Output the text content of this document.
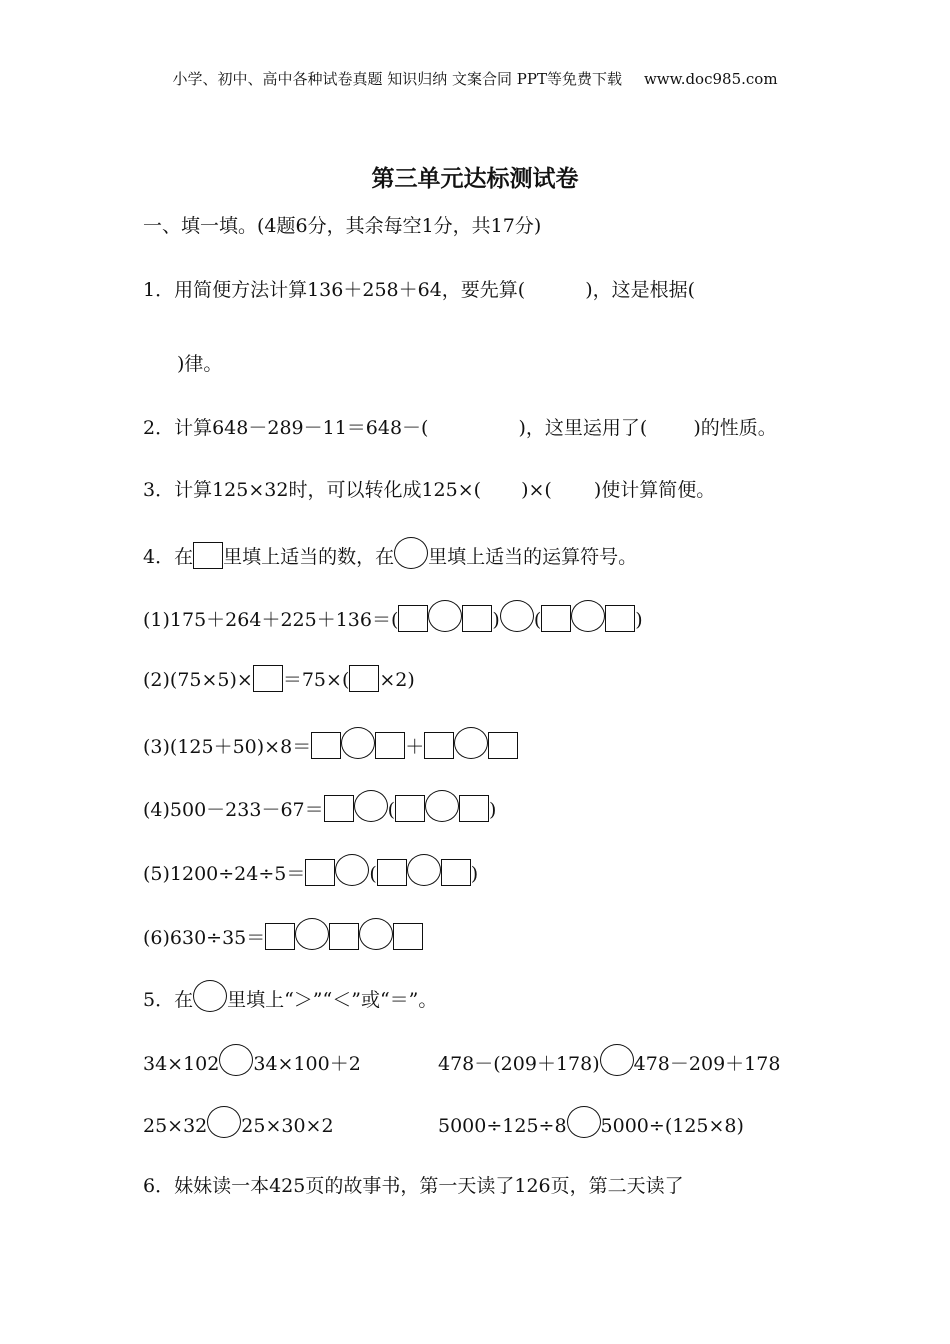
小学、初中、高中各种试卷真题 知识归纳 文案合同 PPT等免费下载 www.doc985.com
第三单元达标测试卷
一、填一填。(4题6分，其余每空1分，共17分)
1．用简便方法计算136＋258＋64，要先算(	)，这是根据(
)律。
2．计算648－289－11＝648－(	)，这里运用了( )的性质。
3．计算125×32时，可以转化成125×( )×( )使计算简便。
4．在 里填上适当的数，在 里填上适当的运算符号。
(1)175＋264＋225＋136＝(	) (	)
(2)(75×5)× ＝75×( ×2)
(3)(125＋50)×8＝	＋
(4)500－233－67＝	(	)
(5)1200÷24÷5＝	(	)
(6)630÷35＝
5．在 里填上“＞”“＜”或“＝”。
34×102 34×100＋2	478－(209＋178) 478－209＋178
25×32 25×30×2	5000÷125÷8 5000÷(125×8)
6．妹妹读一本425页的故事书，第一天读了126页，第二天读了
